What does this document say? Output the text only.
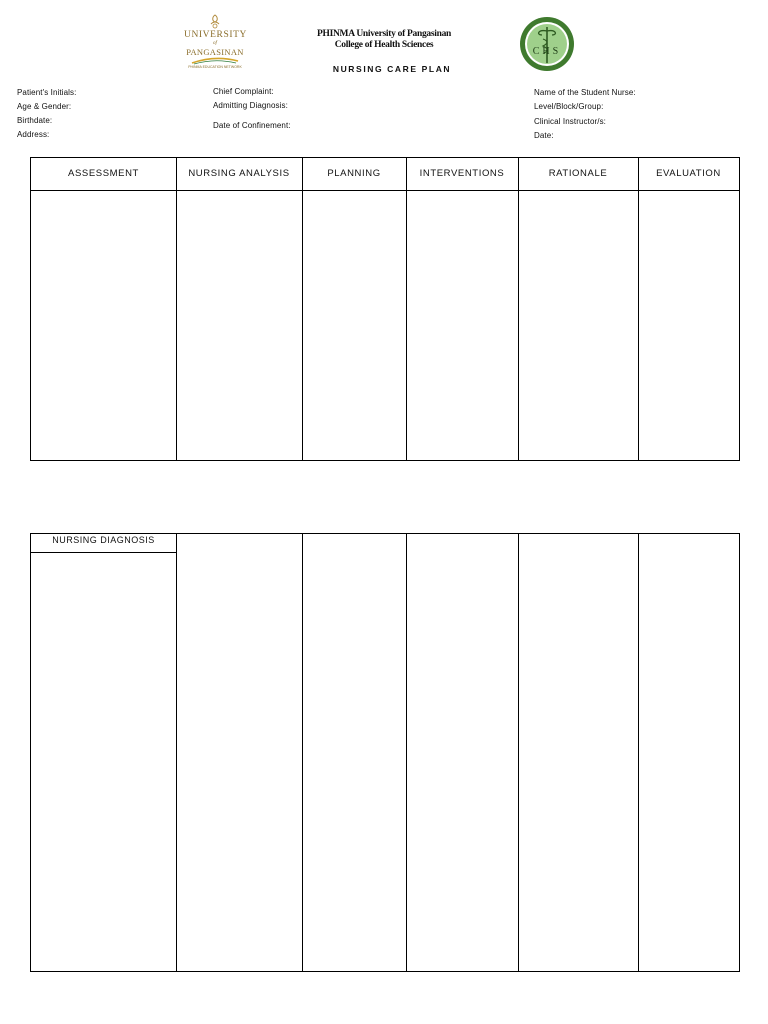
UNIVERSITY
of
PANGASINAN
PHINMA EDUCATION NETWORK
PHINMA University of Pangasinan
College of Health Sciences
NURSING CARE PLAN
CHS
Patient's Initials:
Age & Gender:
Birthdate:
Address:
Chief Complaint:
Admitting Diagnosis:
Date of Confinement:
Name of the Student Nurse:
Level/Block/Group:
Clinical Instructor/s:
Date:
ASSESSMENT	NURSING ANALYSIS	PLANNING	INTERVENTIONS	RATIONALE	EVALUATION
NURSING DIAGNOSIS
